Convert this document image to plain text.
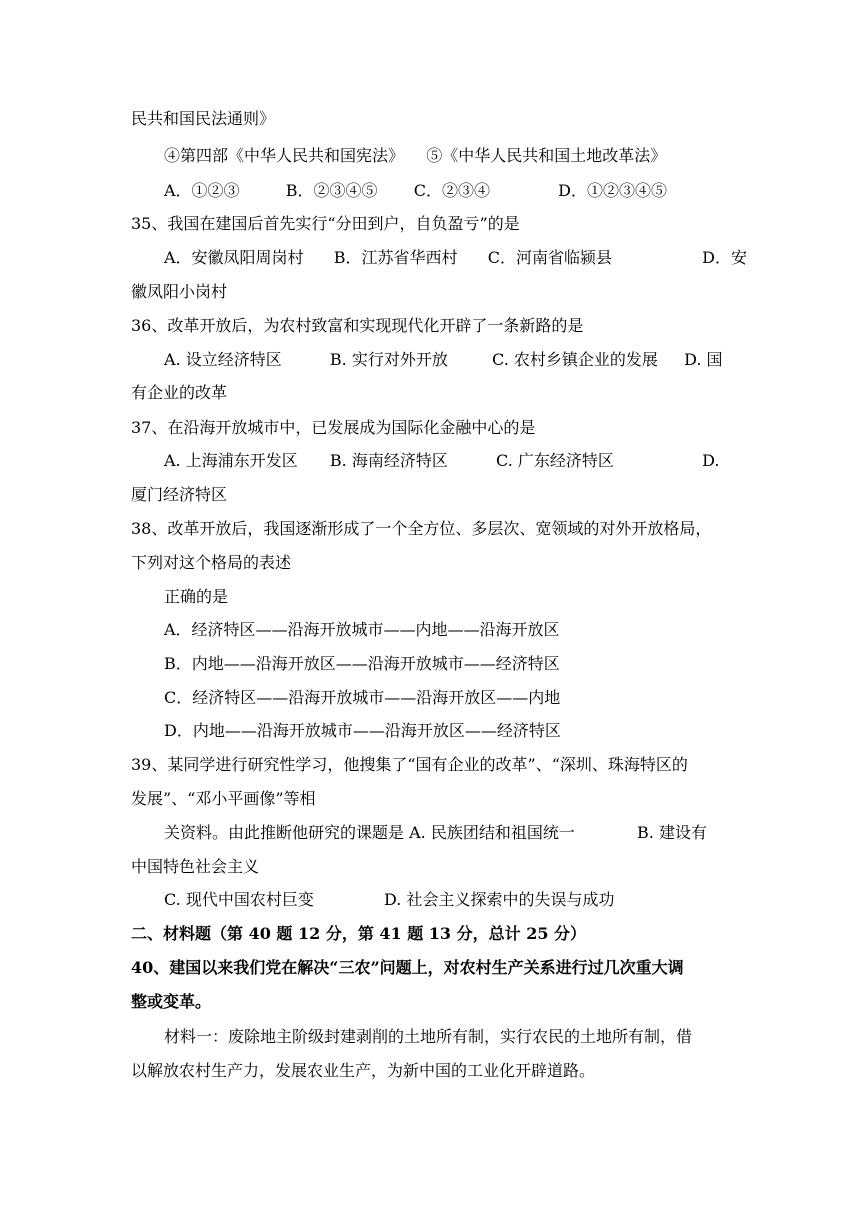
民共和国民法通则》
④第四部《中华人民共和国宪法》 ⑤《中华人民共和国土地改革法》
A．①②③	B．②③④⑤ C．②③④	D．①②③④⑤
35、我国在建国后首先实行“分田到户，自负盈亏”的是
A．安徽凤阳周岗村 B．江苏省华西村 C．河南省临颍县	D．安
徽凤阳小岗村
36、改革开放后，为农村致富和实现现代化开辟了一条新路的是
A. 设立经济特区	B. 实行对外开放	C. 农村乡镇企业的发展 D. 国
有企业的改革
37、在沿海开放城市中，已发展成为国际化金融中心的是
A. 上海浦东开发区 B. 海南经济特区	C. 广东经济特区	D.
厦门经济特区
38、改革开放后，我国逐渐形成了一个全方位、多层次、宽领域的对外开放格局，
下列对这个格局的表述
正确的是
A．经济特区——沿海开放城市——内地——沿海开放区
B．内地——沿海开放区——沿海开放城市——经济特区
C．经济特区——沿海开放城市——沿海开放区——内地
D．内地——沿海开放城市——沿海开放区——经济特区
39、某同学进行研究性学习，他搜集了“国有企业的改革”、“深圳、珠海特区的
发展”、“邓小平画像”等相
关资料。由此推断他研究的课题是 A. 民族团结和祖国统一	B. 建设有
中国特色社会主义
C. 现代中国农村巨变	D. 社会主义探索中的失误与成功
二、材料题（第 40 题 12 分，第 41 题 13 分，总计 25 分）
40、建国以来我们党在解决“三农”问题上，对农村生产关系进行过几次重大调
整或变革。
材料一：废除地主阶级封建剥削的土地所有制，实行农民的土地所有制，借
以解放农村生产力，发展农业生产，为新中国的工业化开辟道路。
